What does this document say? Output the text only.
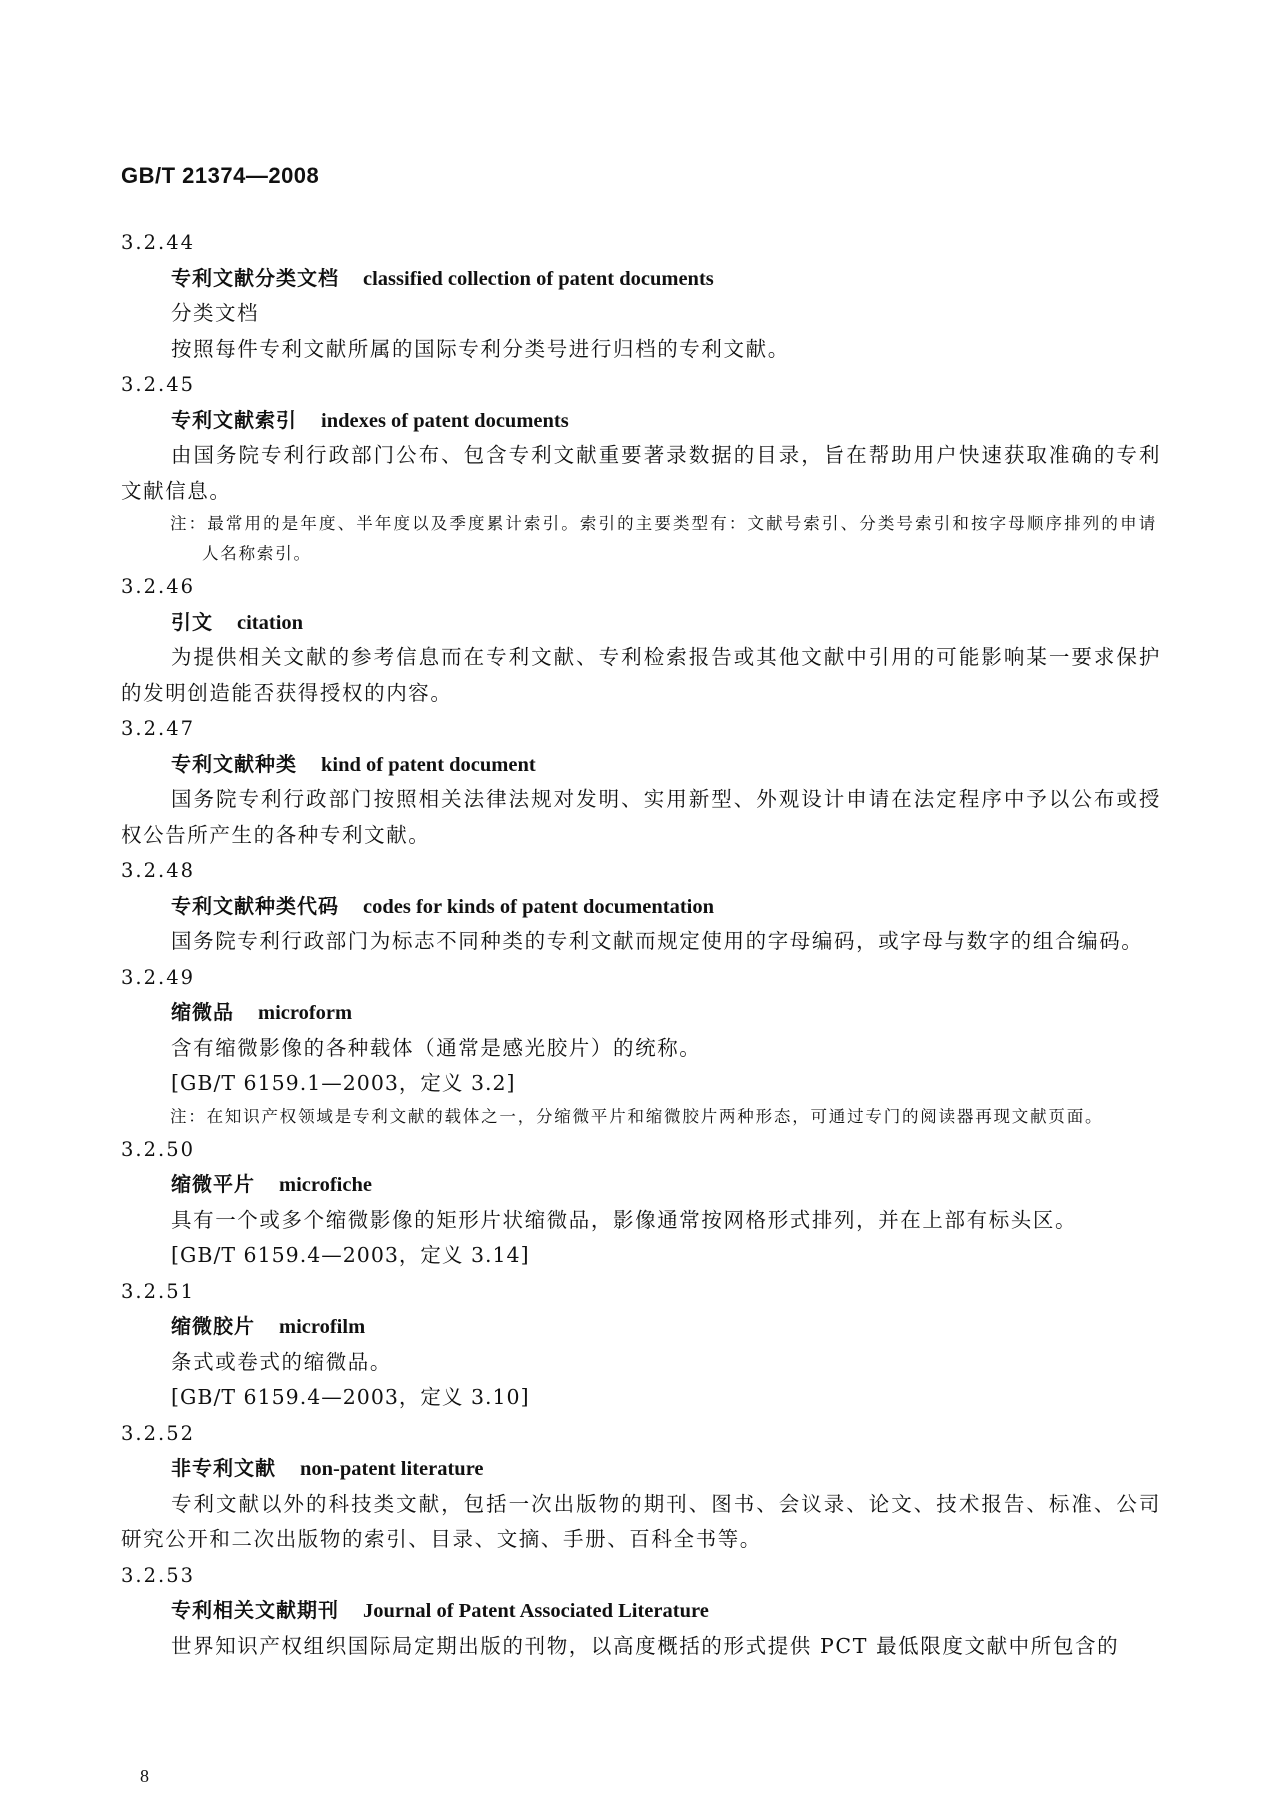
GB/T 21374—2008
3.2.44
专利文献分类文档 classified collection of patent documents
分类文档
按照每件专利文献所属的国际专利分类号进行归档的专利文献。
3.2.45
专利文献索引 indexes of patent documents
由国务院专利行政部门公布、包含专利文献重要著录数据的目录，旨在帮助用户快速获取准确的专利文献信息。
注：最常用的是年度、半年度以及季度累计索引。索引的主要类型有：文献号索引、分类号索引和按字母顺序排列的申请人名称索引。
3.2.46
引文 citation
为提供相关文献的参考信息而在专利文献、专利检索报告或其他文献中引用的可能影响某一要求保护的发明创造能否获得授权的内容。
3.2.47
专利文献种类 kind of patent document
国务院专利行政部门按照相关法律法规对发明、实用新型、外观设计申请在法定程序中予以公布或授权公告所产生的各种专利文献。
3.2.48
专利文献种类代码 codes for kinds of patent documentation
国务院专利行政部门为标志不同种类的专利文献而规定使用的字母编码，或字母与数字的组合编码。
3.2.49
缩微品 microform
含有缩微影像的各种载体（通常是感光胶片）的统称。
[GB/T 6159.1—2003，定义 3.2]
注：在知识产权领域是专利文献的载体之一，分缩微平片和缩微胶片两种形态，可通过专门的阅读器再现文献页面。
3.2.50
缩微平片 microfiche
具有一个或多个缩微影像的矩形片状缩微品，影像通常按网格形式排列，并在上部有标头区。
[GB/T 6159.4—2003，定义 3.14]
3.2.51
缩微胶片 microfilm
条式或卷式的缩微品。
[GB/T 6159.4—2003，定义 3.10]
3.2.52
非专利文献 non-patent literature
专利文献以外的科技类文献，包括一次出版物的期刊、图书、会议录、论文、技术报告、标准、公司研究公开和二次出版物的索引、目录、文摘、手册、百科全书等。
3.2.53
专利相关文献期刊 Journal of Patent Associated Literature
世界知识产权组织国际局定期出版的刊物，以高度概括的形式提供 PCT 最低限度文献中所包含的
8
